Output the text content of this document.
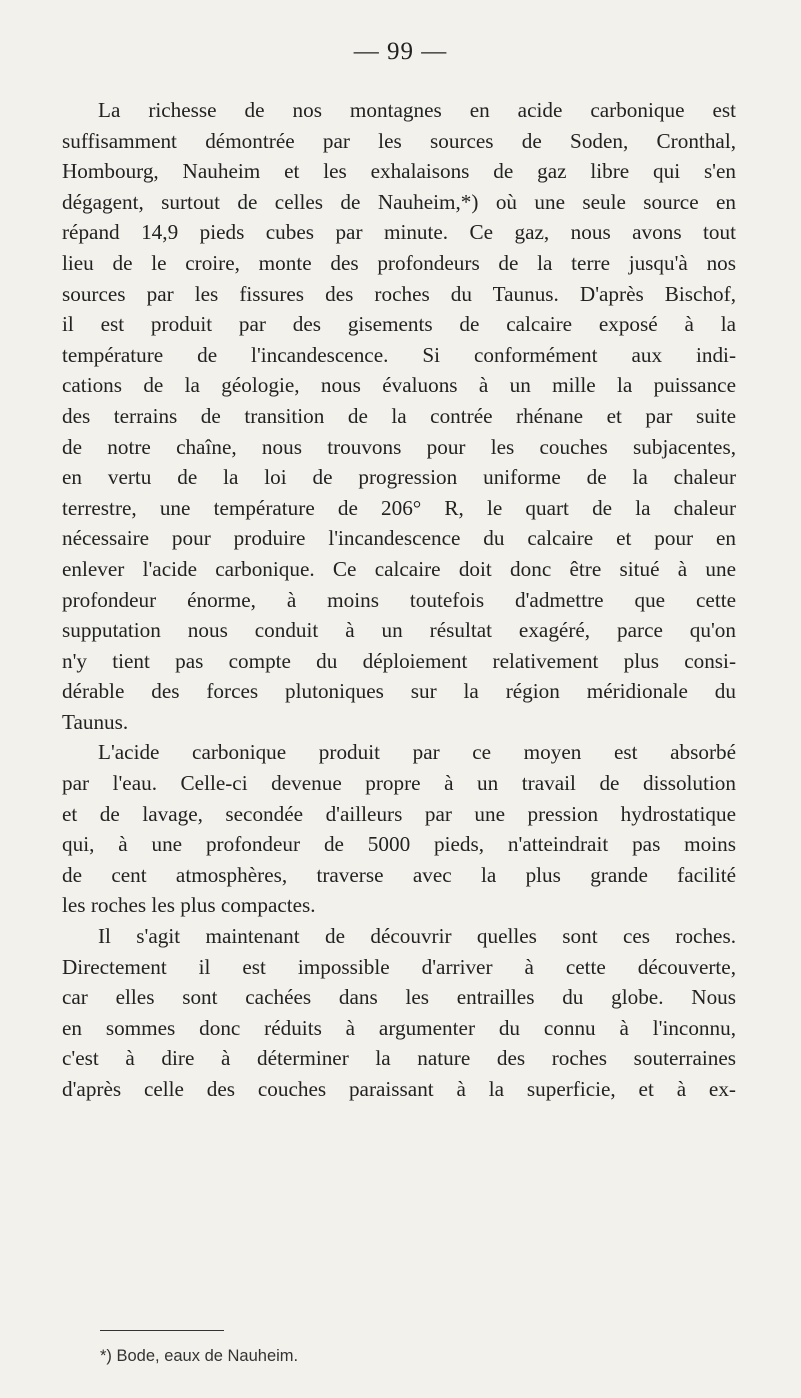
— 99 —

La richesse de nos montagnes en acide carbonique est

suffisamment démontrée par les sources de Soden, Cronthal,

Hombourg, Nauheim et les exhalaisons de gaz libre qui s'en

dégagent, surtout de celles de Nauheim,*) où une seule source en

répand 14,9 pieds cubes par minute. Ce gaz, nous avons tout

lieu de le croire, monte des profondeurs de la terre jusqu'à nos

sources par les fissures des roches du Taunus. D'après Bischof,

il est produit par des gisements de calcaire exposé à la

température de l'incandescence. Si conformément aux indi-

cations de la géologie, nous évaluons à un mille la puissance

des terrains de transition de la contrée rhénane et par suite

de notre chaîne, nous trouvons pour les couches subjacentes,

en vertu de la loi de progression uniforme de la chaleur

terrestre, une température de 206° R, le quart de la chaleur

nécessaire pour produire l'incandescence du calcaire et pour en

enlever l'acide carbonique. Ce calcaire doit donc être situé à une

profondeur énorme, à moins toutefois d'admettre que cette

supputation nous conduit à un résultat exagéré, parce qu'on

n'y tient pas compte du déploiement relativement plus consi-

dérable des forces plutoniques sur la région méridionale du

Taunus.

L'acide carbonique produit par ce moyen est absorbé

par l'eau. Celle-ci devenue propre à un travail de dissolution

et de lavage, secondée d'ailleurs par une pression hydrostatique

qui, à une profondeur de 5000 pieds, n'atteindrait pas moins

de cent atmosphères, traverse avec la plus grande facilité

les roches les plus compactes.

Il s'agit maintenant de découvrir quelles sont ces roches.

Directement il est impossible d'arriver à cette découverte,

car elles sont cachées dans les entrailles du globe. Nous

en sommes donc réduits à argumenter du connu à l'inconnu,

c'est à dire à déterminer la nature des roches souterraines

d'après celle des couches paraissant à la superficie, et à ex-

*) Bode, eaux de Nauheim.
